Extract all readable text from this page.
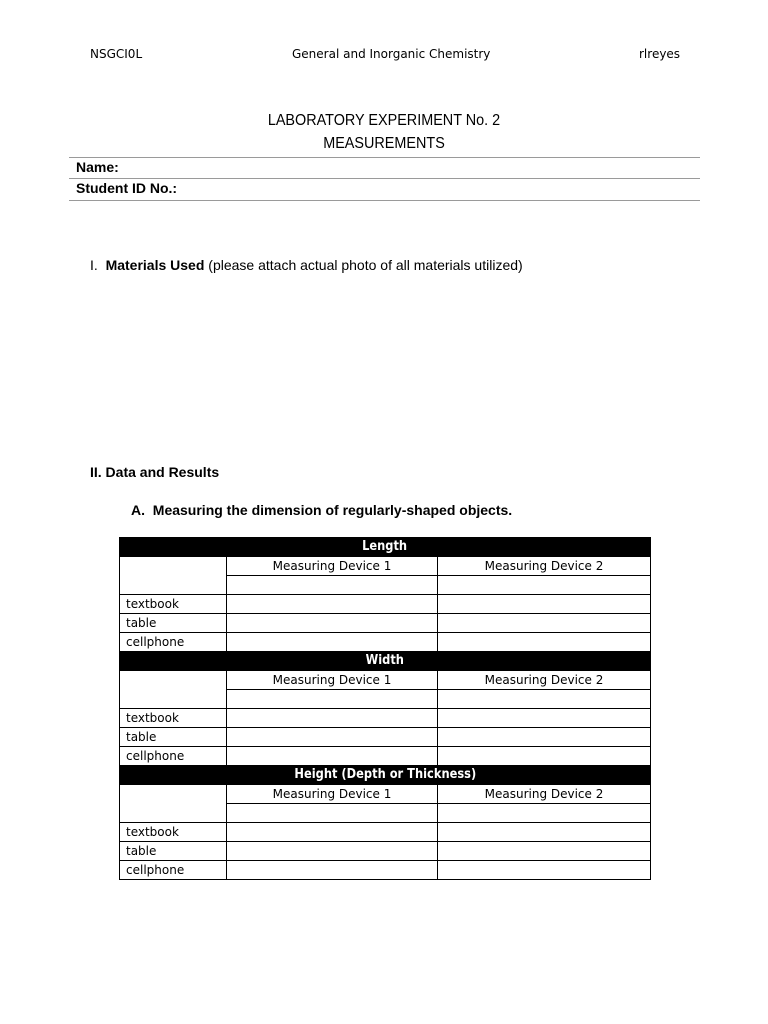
NSGCI0L	General and Inorganic Chemistry	rlreyes
LABORATORY EXPERIMENT No. 2
MEASUREMENTS
Name:
Student ID No.:
I. Materials Used (please attach actual photo of all materials utilized)
II. Data and Results
A. Measuring the dimension of regularly-shaped objects.
Length		
	Measuring Device 1	Measuring Device 2

textbook		
table		
cellphone		
Width		
	Measuring Device 1	Measuring Device 2

textbook		
table		
cellphone		
Height (Depth or Thickness)		
	Measuring Device 1	Measuring Device 2

textbook		
table		
cellphone		
